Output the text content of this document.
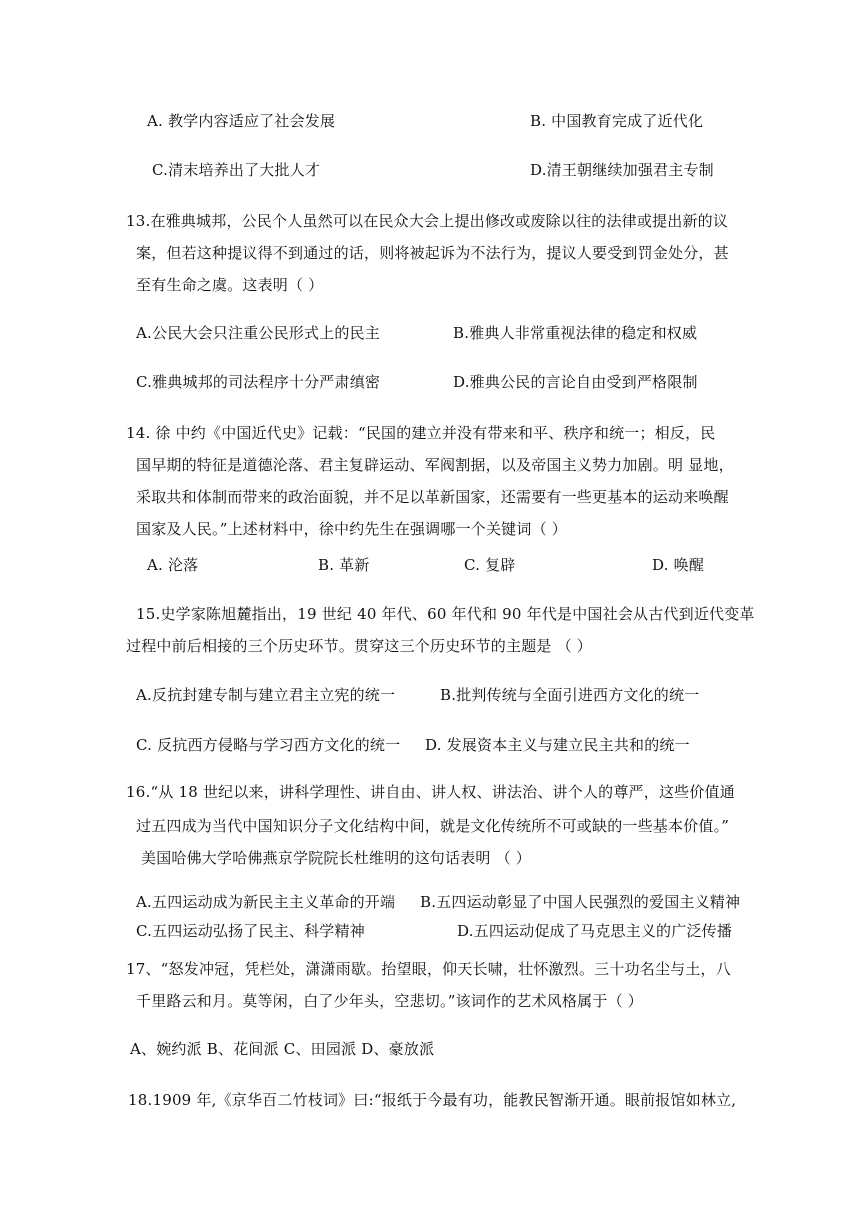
A. 教学内容适应了社会发展	B. 中国教育完成了近代化
C.清末培养出了大批人才	D.清王朝继续加强君主专制
13.在雅典城邦，公民个人虽然可以在民众大会上提出修改或废除以往的法律或提出新的议
案，但若这种提议得不到通过的话，则将被起诉为不法行为，提议人要受到罚金处分，甚
至有生命之虞。这表明（ ）
A.公民大会只注重公民形式上的民主	B.雅典人非常重视法律的稳定和权威
C.雅典城邦的司法程序十分严肃缜密	D.雅典公民的言论自由受到严格限制
14. 徐 中约《中国近代史》记载：“民国的建立并没有带来和平、秩序和统一；相反，民
国早期的特征是道德沦落、君主复辟运动、军阀割据，以及帝国主义势力加剧。明 显地，
采取共和体制而带来的政治面貌，并不足以革新国家，还需要有一些更基本的运动来唤醒
国家及人民。”上述材料中，徐中约先生在强调哪一个关键词（ ）
A. 沦落	B. 革新	C. 复辟	D. 唤醒
15.史学家陈旭麓指出，19 世纪 40 年代、60 年代和 90 年代是中国社会从古代到近代变革
过程中前后相接的三个历史环节。贯穿这三个历史环节的主题是 （ ）
A.反抗封建专制与建立君主立宪的统一	B.批判传统与全面引进西方文化的统一
C. 反抗西方侵略与学习西方文化的统一 D. 发展资本主义与建立民主共和的统一
16.“从 18 世纪以来，讲科学理性、讲自由、讲人权、讲法治、讲个人的尊严，这些价值通
过五四成为当代中国知识分子文化结构中间，就是文化传统所不可或缺的一些基本价值。”
美国哈佛大学哈佛燕京学院院长杜维明的这句话表明 （ ）
A.五四运动成为新民主主义革命的开端 B.五四运动彰显了中国人民强烈的爱国主义精神
C.五四运动弘扬了民主、科学精神	D.五四运动促成了马克思主义的广泛传播
17、“怒发冲冠，凭栏处，潇潇雨歇。抬望眼，仰天长啸，壮怀激烈。三十功名尘与土，八
千里路云和月。莫等闲，白了少年头，空悲切。”该词作的艺术风格属于（ ）
A、婉约派 B、花间派 C、田园派 D、豪放派
18.1909 年,《京华百二竹枝词》曰:“报纸于今最有功，能教民智渐开通。眼前报馆如林立,
